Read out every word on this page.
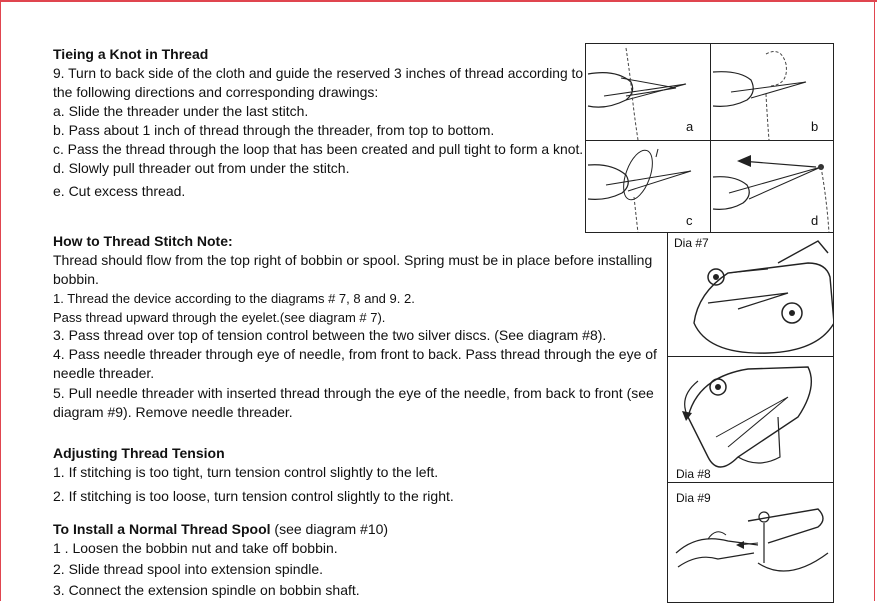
Tieing a Knot in Thread
9. Turn to back side of the cloth and guide the reserved 3 inches of thread according to
the following directions and corresponding drawings:
a. Slide the threader under the last stitch.
b. Pass about 1 inch of thread through the threader, from top to bottom.
c. Pass the thread through the loop that has been created and pull tight to form a knot.
d. Slowly pull threader out from under the stitch.
e. Cut excess thread.
How to Thread Stitch Note:
Thread should flow from the top right of bobbin or spool. Spring must be in place before installing
bobbin.
1. Thread the device according to the diagrams # 7, 8 and 9. 2.
Pass thread upward through the eyelet.(see diagram # 7).
3. Pass thread over top of tension control between the two silver discs. (See diagram #8).
4. Pass needle threader through eye of needle, from front to back. Pass thread through the eye of
needle threader.
5. Pull needle threader with inserted thread through the eye of the needle, from back to front (see
diagram #9). Remove needle threader.
Adjusting Thread Tension
1. If stitching is too tight, turn tension control slightly to the left.
2. If stitching is too loose, turn tension control slightly to the right.
To Install a Normal Thread Spool (see diagram #10)
1 . Loosen the bobbin nut and take off bobbin.
2. Slide thread spool into extension spindle.
3. Connect the extension spindle on bobbin shaft.
a	b
c	d
Dia #7
Dia #8
Dia #9
